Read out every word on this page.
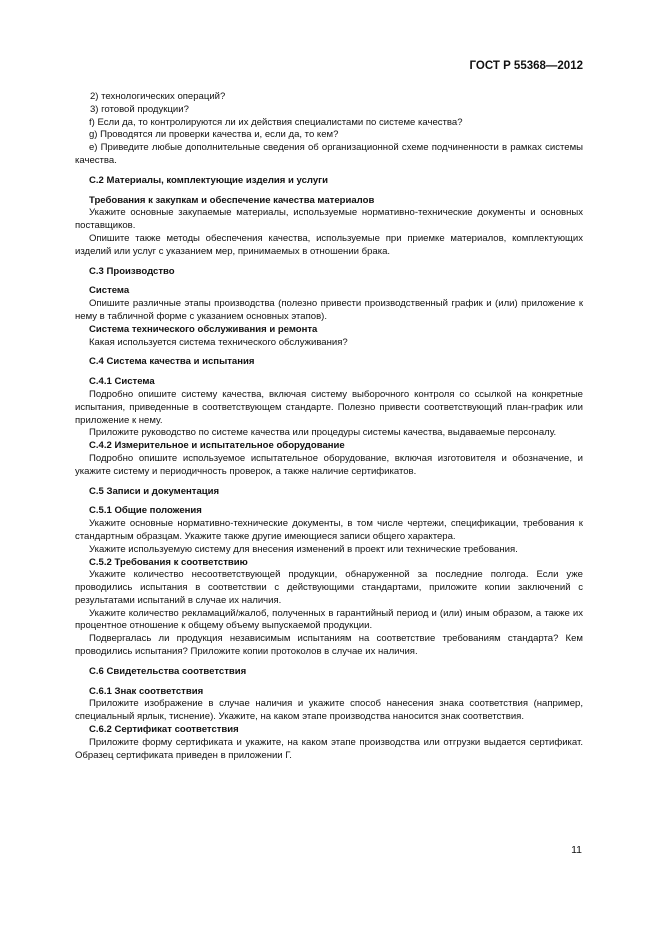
ГОСТ Р 55368—2012
2) технологических операций?
3) готовой продукции?
f) Если да, то контролируются ли их действия специалистами по системе качества?
g) Проводятся ли проверки качества и, если да, то кем?
е) Приведите любые дополнительные сведения об организационной схеме подчиненности в рамках системы качества.
С.2 Материалы, комплектующие изделия и услуги
Требования к закупкам и обеспечение качества материалов
Укажите основные закупаемые материалы, используемые нормативно-технические документы и основных поставщиков.
Опишите также методы обеспечения качества, используемые при приемке материалов, комплектующих изделий или услуг с указанием мер, принимаемых в отношении брака.
С.3 Производство
Система
Опишите различные этапы производства (полезно привести производственный график и (или) приложение к нему в табличной форме с указанием основных этапов).
Система технического обслуживания и ремонта
Какая используется система технического обслуживания?
С.4 Система качества и испытания
С.4.1 Система
Подробно опишите систему качества, включая систему выборочного контроля со ссылкой на конкретные испытания, приведенные в соответствующем стандарте. Полезно привести соответствующий план-график или приложение к нему.
Приложите руководство по системе качества или процедуры системы качества, выдаваемые персоналу.
С.4.2 Измерительное и испытательное оборудование
Подробно опишите используемое испытательное оборудование, включая изготовителя и обозначение, и укажите систему и периодичность проверок, а также наличие сертификатов.
С.5 Записи и документация
С.5.1 Общие положения
Укажите основные нормативно-технические документы, в том числе чертежи, спецификации, требования к стандартным образцам. Укажите также другие имеющиеся записи общего характера.
Укажите используемую систему для внесения изменений в проект или технические требования.
С.5.2 Требования к соответствию
Укажите количество несоответствующей продукции, обнаруженной за последние полгода. Если уже проводились испытания в соответствии с действующими стандартами, приложите копии заключений с результатами испытаний в случае их наличия.
Укажите количество рекламаций/жалоб, полученных в гарантийный период и (или) иным образом, а также их процентное отношение к общему объему выпускаемой продукции.
Подвергалась ли продукция независимым испытаниям на соответствие требованиям стандарта? Кем проводились испытания? Приложите копии протоколов в случае их наличия.
С.6 Свидетельства соответствия
С.6.1 Знак соответствия
Приложите изображение в случае наличия и укажите способ нанесения знака соответствия (например, специальный ярлык, тиснение). Укажите, на каком этапе производства наносится знак соответствия.
С.6.2 Сертификат соответствия
Приложите форму сертификата и укажите, на каком этапе производства или отгрузки выдается сертификат. Образец сертификата приведен в приложении Г.
11
